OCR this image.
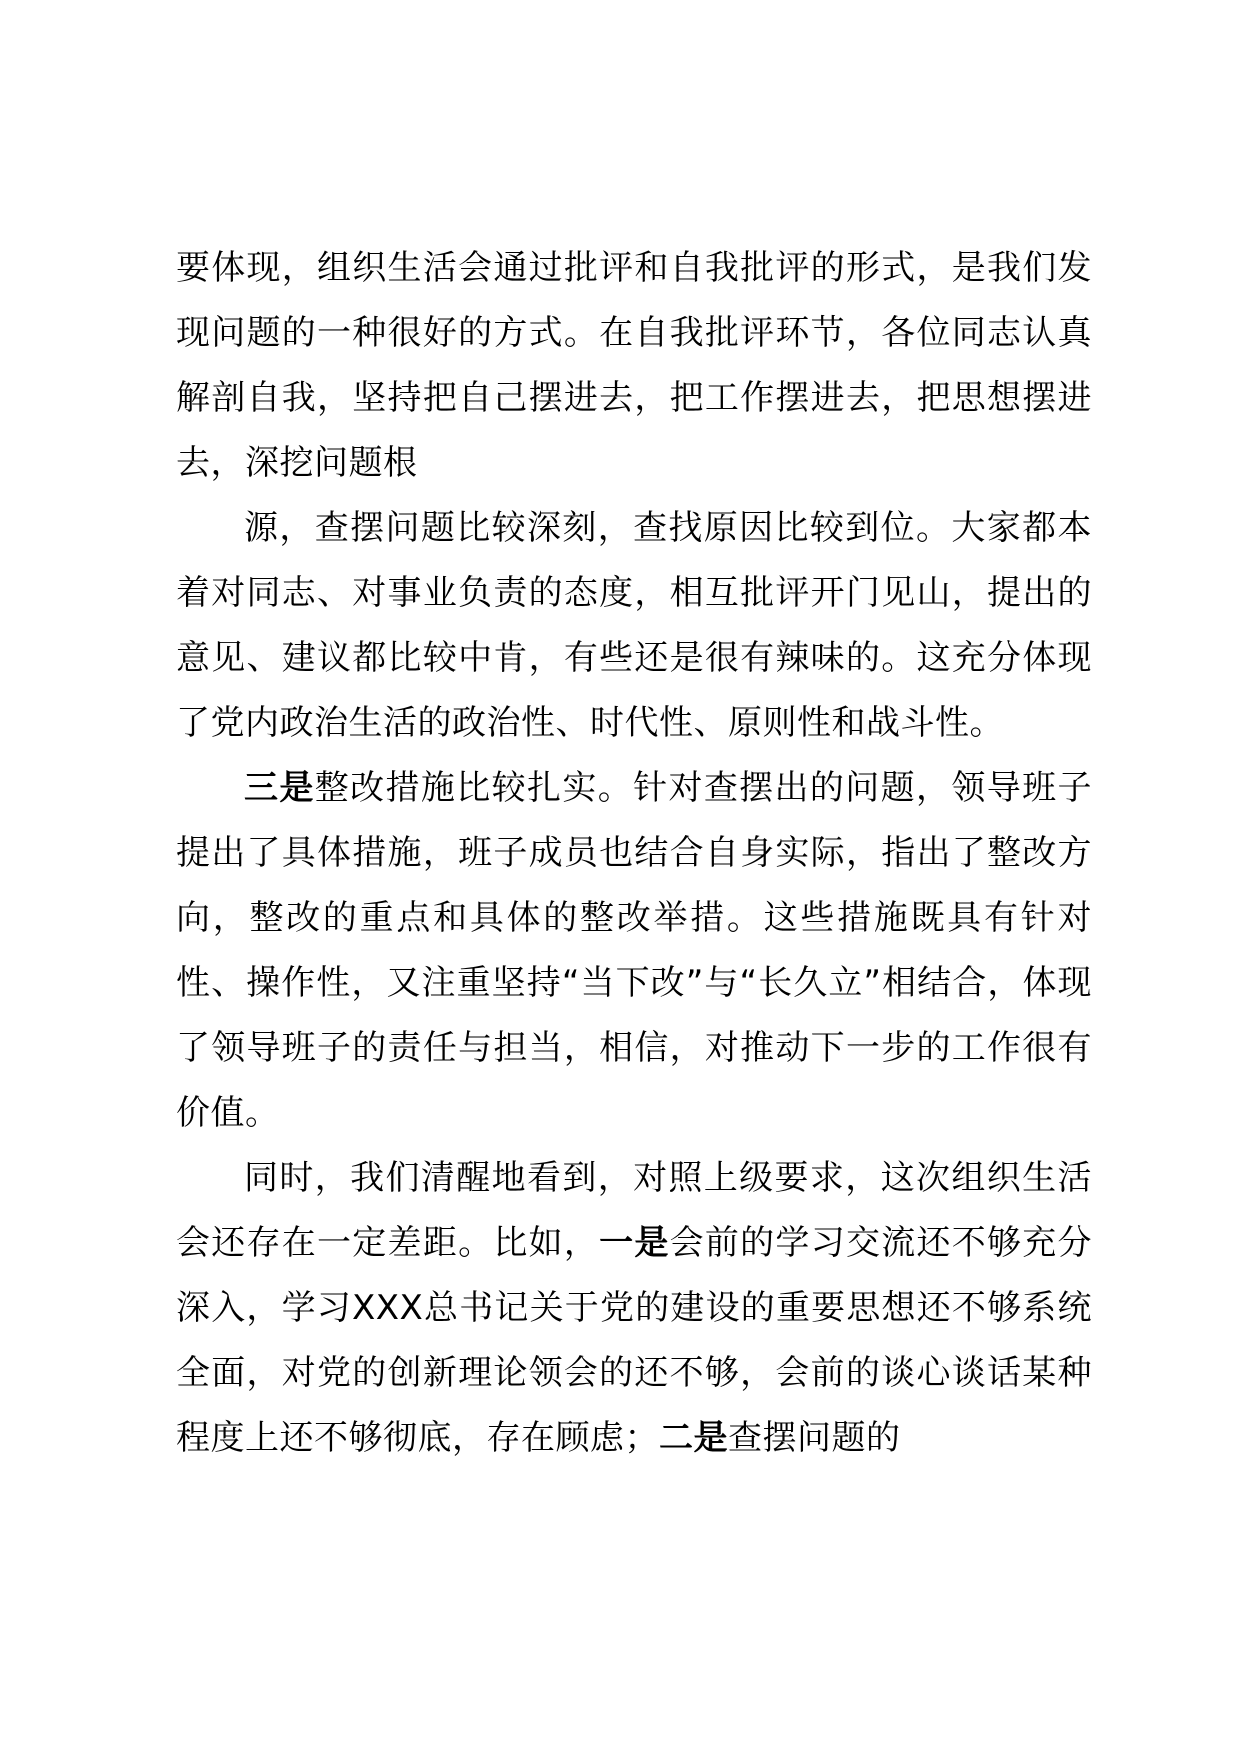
要体现，组织生活会通过批评和自我批评的形式，是我们发现问题的一种很好的方式。在自我批评环节，各位同志认真解剖自我，坚持把自己摆进去，把工作摆进去，把思想摆进去，深挖问题根

源，查摆问题比较深刻，查找原因比较到位。大家都本着对同志、对事业负责的态度，相互批评开门见山，提出的意见、建议都比较中肯，有些还是很有辣味的。这充分体现了党内政治生活的政治性、时代性、原则性和战斗性。

三是整改措施比较扎实。针对查摆出的问题，领导班子提出了具体措施，班子成员也结合自身实际，指出了整改方向，整改的重点和具体的整改举措。这些措施既具有针对性、操作性，又注重坚持“当下改”与“长久立”相结合，体现了领导班子的责任与担当，相信，对推动下一步的工作很有价值。

同时，我们清醒地看到，对照上级要求，这次组织生活会还存在一定差距。比如，一是会前的学习交流还不够充分深入，学习XXX总书记关于党的建设的重要思想还不够系统全面，对党的创新理论领会的还不够，会前的谈心谈话某种程度上还不够彻底，存在顾虑；二是查摆问题的
